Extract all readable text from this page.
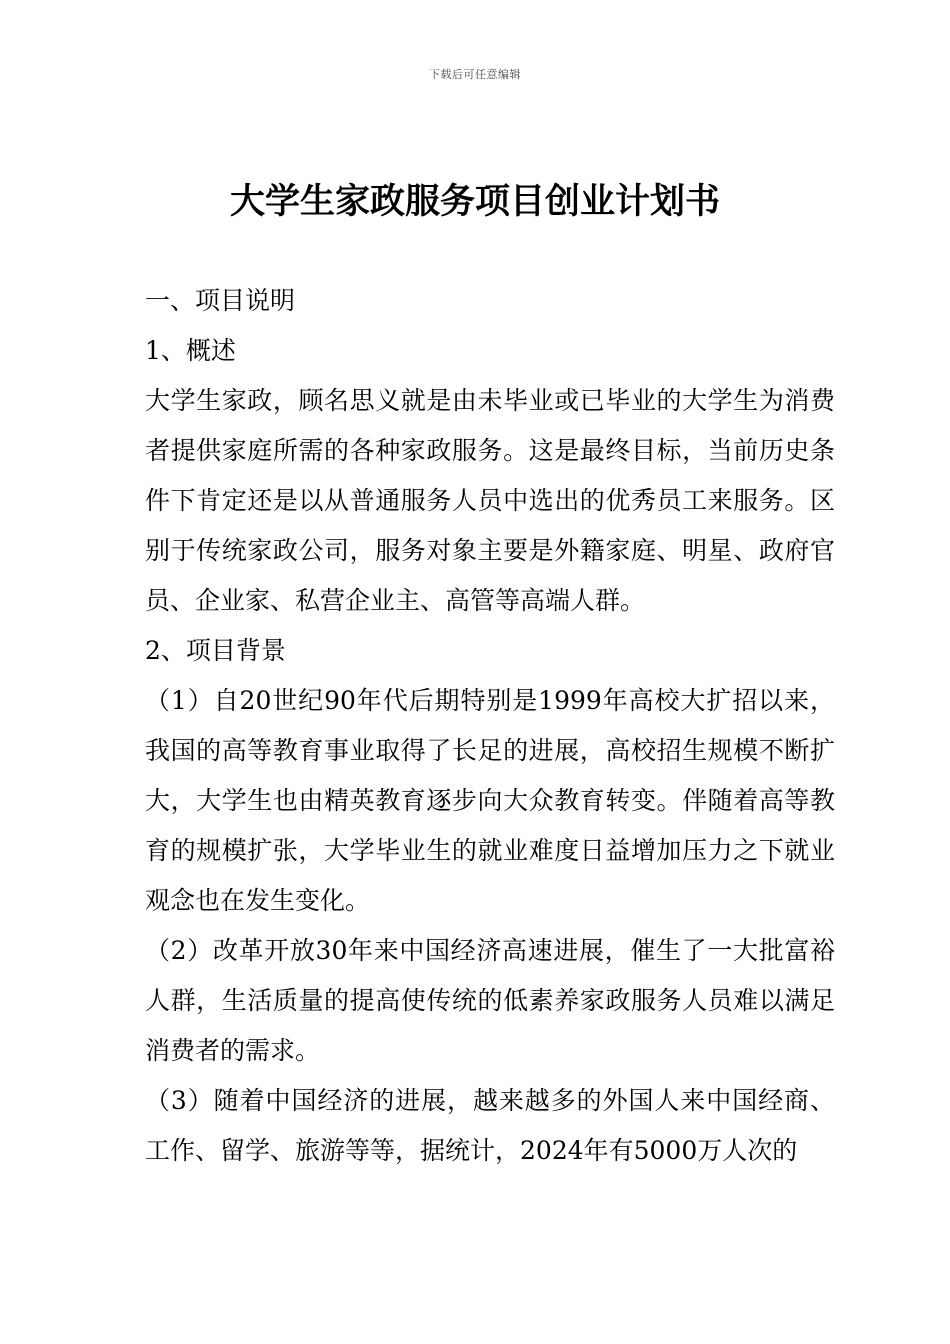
下载后可任意编辑
大学生家政服务项目创业计划书

一、项目说明

1、概述

大学生家政，顾名思义就是由未毕业或已毕业的大学生为消费者提供家庭所需的各种家政服务。这是最终目标，当前历史条件下肯定还是以从普通服务人员中选出的优秀员工来服务。区别于传统家政公司，服务对象主要是外籍家庭、明星、政府官员、企业家、私营企业主、高管等高端人群。

2、项目背景

（1）自20世纪90年代后期特别是1999年高校大扩招以来，我国的高等教育事业取得了长足的进展，高校招生规模不断扩大，大学生也由精英教育逐步向大众教育转变。伴随着高等教育的规模扩张，大学毕业生的就业难度日益增加压力之下就业观念也在发生变化。

（2）改革开放30年来中国经济高速进展，催生了一大批富裕人群，生活质量的提高使传统的低素养家政服务人员难以满足消费者的需求。

（3）随着中国经济的进展，越来越多的外国人来中国经商、工作、留学、旅游等等，据统计，2024年有5000万人次的
